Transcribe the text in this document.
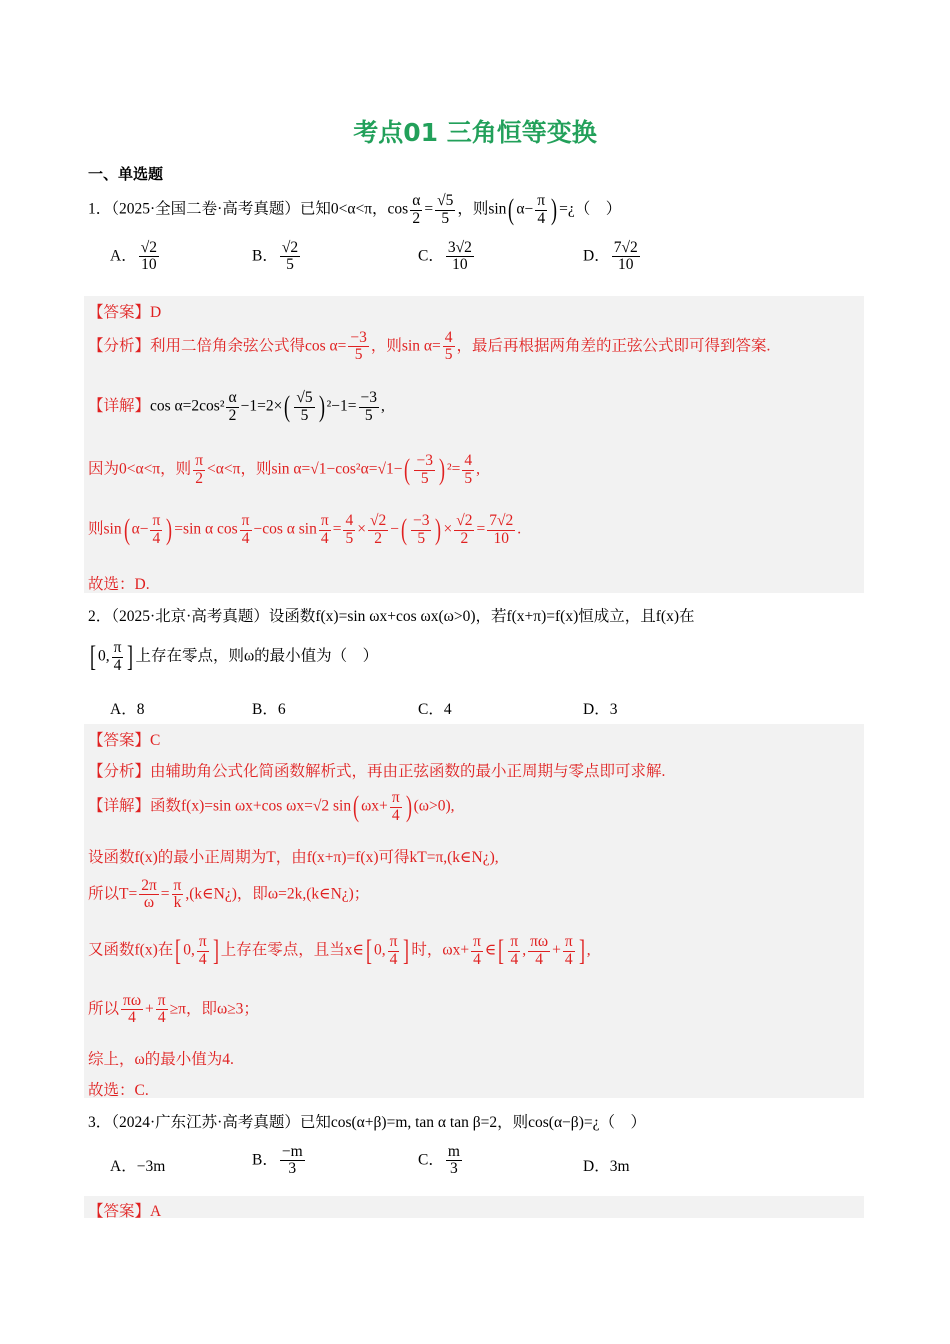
考点01 三角恒等变换
一、单选题
1．（2025·全国二卷·高考真题）已知0<α<π，$\cos \frac{\alpha}{2} = \frac{√5}{5}$ ，则sin( $\alpha- \frac{\pi}{4}$ ) =¿（　）
A． $\frac{√2}{10}$	B． $\frac{√2}{5}$	C． $\frac{3√2}{10}$	D． $\frac{7√2}{10}$
【答案】D
【分析】利用二倍角余弦公式得$\cos \alpha= \frac{-3}{5}$ ，则$\sin \alpha= \frac{4}{5}$ ，最后再根据两角差的正弦公式即可得到答案.
【详解】$\cos \alpha=2\cos^2 \frac{\alpha}{2} -1=2\times( \frac{√5}{5}$ ) $^2-1= \frac{-3}{5}$ ,
因为0<α<π，则 $\frac{\pi}{2} <\alpha<\pi$，则$\sin \alpha=√1-\cos^2\alpha=√1-( \frac{-3}{5}$ ) $^2= \frac{4}{5}$ ,
则sin( $\alpha- \frac{\pi}{4}$ ) =sin α $\cos \frac{\pi}{4} -\cos$ α $\sin \frac{\pi}{4} = \frac{4}{5} \times \frac{√2}{2}$ −( $\frac{-3}{5}$ ) × $\frac{√2}{2} = \frac{7√2}{10}$ .
故选：D.
2．（2025·北京·高考真题）设函数f(x)=sin ωx+cos ωx(ω>0)，若f(x+π)=f(x)恒成立，且f(x)在
[ 0, $\frac{\pi}{4}$ ] 上存在零点，则ω的最小值为（　）
A．8	B．6	C．4	D．3
【答案】C
【分析】由辅助角公式化简函数解析式，再由正弦函数的最小正周期与零点即可求解.
【详解】函数f(x)=sin ωx+cos ωx=√2 sin( $\omega x+ \frac{\pi}{4}$ ) (ω>0),
设函数f(x)的最小正周期为T，由f(x+π)=f(x)可得kT=π,(k∈N¿),
所以$T= \frac{2\pi}{\omega} = \frac{\pi}{k}$ ,(k∈N¿)，即ω=2k,(k∈N¿)；
又函数f(x)在[ 0, $\frac{\pi}{4}$ ] 上存在零点，且当x∈[ 0, $\frac{\pi}{4}$ ] 时，$\omega x+ \frac{\pi}{4}$ ∈[ $\frac{\pi}{4}$ , $\frac{\pi\omega}{4} + \frac{\pi}{4}$ ] ,
所以 $\frac{\pi\omega}{4} + \frac{\pi}{4} \ge\pi$，即ω≥3；
综上，ω的最小值为4.
故选：C.
3．（2024·广东江苏·高考真题）已知cos(α+β)=m, tan α tan β=2，则cos(α−β)=¿（　）
A．−3m	B． $\frac{-m}{3}$	C． $\frac{m}{3}$	D．3m
【答案】A
